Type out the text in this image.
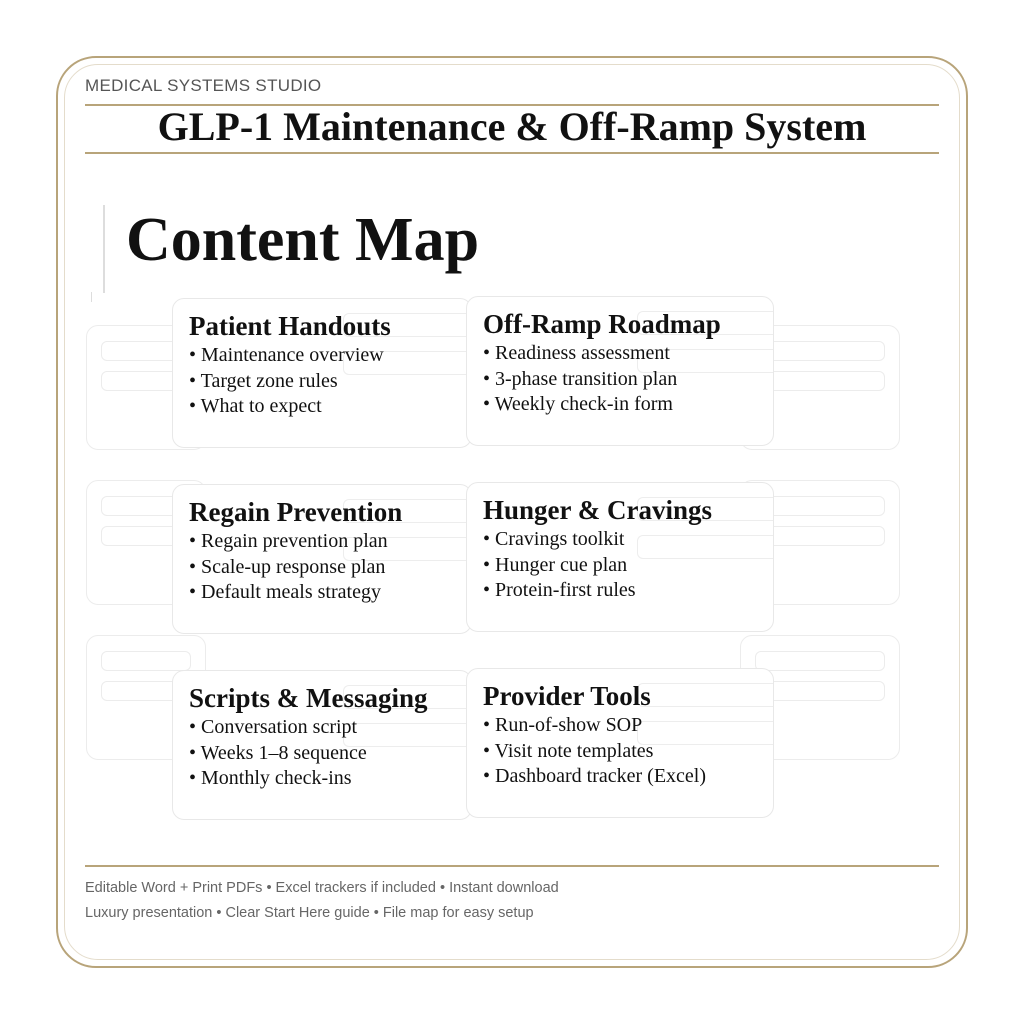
MEDICAL SYSTEMS STUDIO
GLP-1 Maintenance & Off-Ramp System
Content Map
Patient Handouts
• Maintenance overview
• Target zone rules
• What to expect
Off-Ramp Roadmap
• Readiness assessment
• 3-phase transition plan
• Weekly check-in form
Regain Prevention
• Regain prevention plan
• Scale-up response plan
• Default meals strategy
Hunger & Cravings
• Cravings toolkit
• Hunger cue plan
• Protein-first rules
Scripts & Messaging
• Conversation script
• Weeks 1–8 sequence
• Monthly check-ins
Provider Tools
• Run-of-show SOP
• Visit note templates
• Dashboard tracker (Excel)
Editable Word + Print PDFs • Excel trackers if included • Instant download
Luxury presentation • Clear Start Here guide • File map for easy setup
